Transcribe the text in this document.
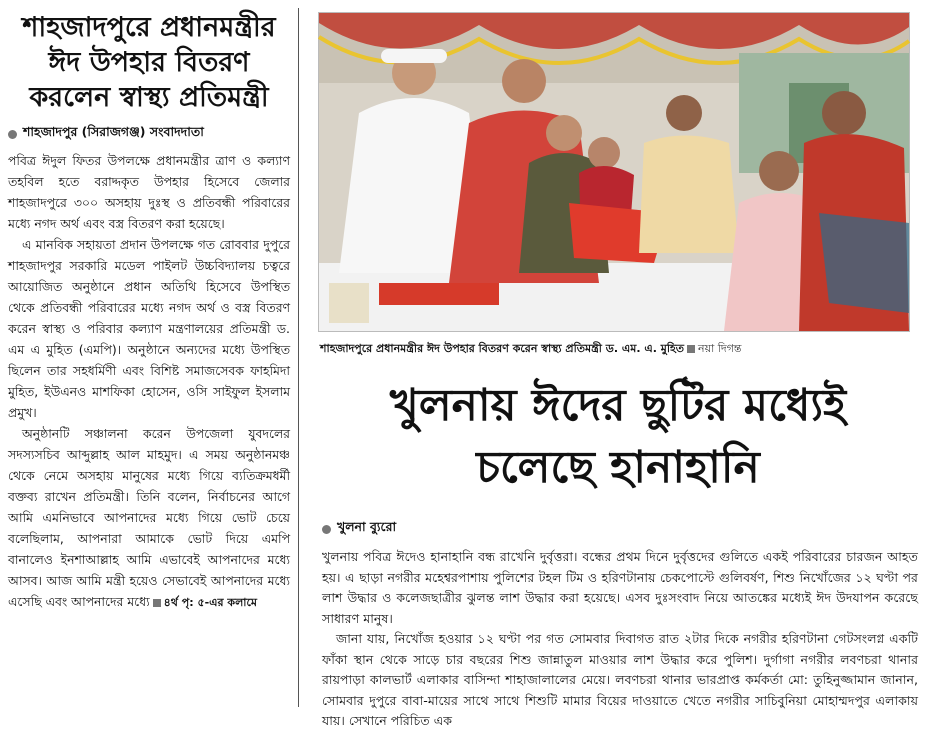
শাহজাদপুরে প্রধানমন্ত্রীর ঈদ উপহার বিতরণ করলেন স্বাস্থ্য প্রতিমন্ত্রী
শাহজাদপুর (সিরাজগঞ্জ) সংবাদদাতা

পবিত্র ঈদুল ফিতর উপলক্ষে প্রধানমন্ত্রীর ত্রাণ ও কল্যাণ তহবিল হতে বরাদ্দকৃত উপহার হিসেবে জেলার শাহজাদপুরে ৩০০ অসহায় দুঃস্থ ও প্রতিবন্ধী পরিবারের মধ্যে নগদ অর্থ এবং বস্ত্র বিতরণ করা হয়েছে।

এ মানবিক সহায়তা প্রদান উপলক্ষে গত রোববার দুপুরে শাহজাদপুর সরকারি মডেল পাইলট উচ্চবিদ্যালয় চত্বরে আয়োজিত অনুষ্ঠানে প্রধান অতিথি হিসেবে উপস্থিত থেকে প্রতিবন্ধী পরিবারের মধ্যে নগদ অর্থ ও বস্ত্র বিতরণ করেন স্বাস্থ্য ও পরিবার কল্যাণ মন্ত্রণালয়ের প্রতিমন্ত্রী ড. এম এ মুহিত (এমপি)। অনুষ্ঠানে অন্যদের মধ্যে উপস্থিত ছিলেন তার সহধর্মিণী এবং বিশিষ্ট সমাজসেবক ফাহমিদা মুহিত, ইউএনও মাশফিকা হোসেন, ওসি সাইফুল ইসলাম প্রমুখ।

অনুষ্ঠানটি সঞ্চালনা করেন উপজেলা যুবদলের সদস্যসচিব আব্দুল্লাহ আল মাহমুদ। এ সময় অনুষ্ঠানমঞ্চ থেকে নেমে অসহায় মানুষের মধ্যে গিয়ে ব্যতিক্রমধর্মী বক্তব্য রাখেন প্রতিমন্ত্রী। তিনি বলেন, নির্বাচনের আগে আমি এমনিভাবে আপনাদের মধ্যে গিয়ে ভোট চেয়ে বলেছিলাম, আপনারা আমাকে ভোট দিয়ে এমপি বানালেও ইনশাআল্লাহ আমি এভাবেই আপনাদের মধ্যে আসব। আজ আমি মন্ত্রী হয়েও সেভাবেই আপনাদের মধ্যে এসেছি এবং আপনাদের মধ্যে ৪র্থ পৃ: ৫-এর কলামে

শাহজাদপুরে প্রধানমন্ত্রীর ঈদ উপহার বিতরণ করেন স্বাস্থ্য প্রতিমন্ত্রী ড. এম. এ. মুহিত নয়া দিগন্ত
খুলনায় ঈদের ছুটির মধ্যেই
চলেছে হানাহানি
খুলনা ব্যুরো

খুলনায় পবিত্র ঈদেও হানাহানি বন্ধ রাখেনি দুর্বৃত্তরা। বন্ধের প্রথম দিনে দুর্বৃত্তদের গুলিতে একই পরিবারের চারজন আহত হয়। এ ছাড়া নগরীর মহেশ্বরপাশায় পুলিশের টহল টিম ও হরিণটানায় চেকপোস্টে গুলিবর্ষণ, শিশু নিখোঁজের ১২ ঘণ্টা পর লাশ উদ্ধার ও কলেজছাত্রীর ঝুলন্ত লাশ উদ্ধার করা হয়েছে। এসব দুঃসংবাদ নিয়ে আতঙ্কের মধ্যেই ঈদ উদযাপন করেছে সাধারণ মানুষ।

জানা যায়, নিখোঁজ হওয়ার ১২ ঘণ্টা পর গত সোমবার দিবাগত রাত ২টার দিকে নগরীর হরিণটানা গেটসংলগ্ন একটি ফাঁকা স্থান থেকে সাড়ে চার বছরের শিশু জান্নাতুল মাওয়ার লাশ উদ্ধার করে পুলিশ। দুর্গাগা নগরীর লবণচরা থানার রায়পাড়া কালভার্ট এলাকার বাসিন্দা শাহাজালালের মেয়ে। লবণচরা থানার ভারপ্রাপ্ত কর্মকর্তা মো: তুহিনুজ্জামান জানান, সোমবার দুপুরে বাবা-মায়ের সাথে সাথে শিশুটি মামার বিয়ের দাওয়াতে খেতে নগরীর সাচিবুনিয়া মোহাম্মদপুর এলাকায় যায়। সেখানে পরিচিত এক
